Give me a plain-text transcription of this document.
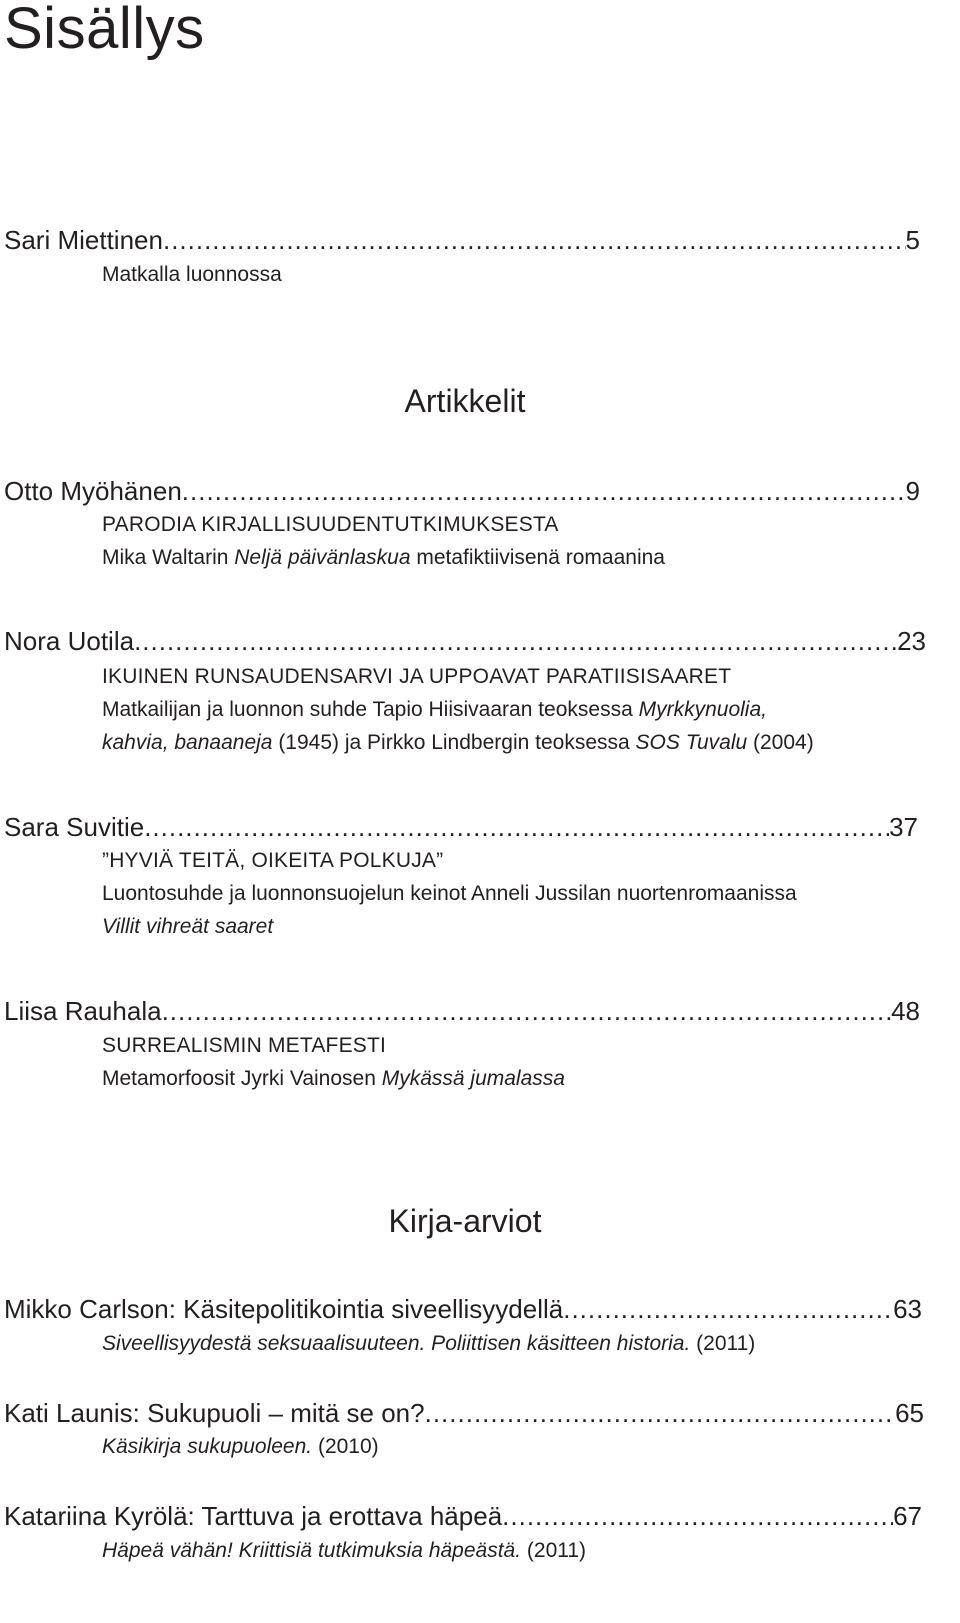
Sisällys
Sari Miettinen .....	5

Matkalla luonnossa

Artikkelit
Otto Myöhänen .....	9

PARODIA KIRJALLISUUDENTUTKIMUKSESTA

Mika Waltarin Neljä päivänlaskua metafiktiivisenä romaanina

Nora Uotila .....	23

IKUINEN RUNSAUDENSARVI JA UPPOAVAT PARATIISISAARET

Matkailijan ja luonnon suhde Tapio Hiisivaaran teoksessa Myrkkynuolia,

kahvia, banaaneja (1945) ja Pirkko Lindbergin teoksessa SOS Tuvalu (2004)

Sara Suvitie .....	37

”HYVIÄ TEITÄ, OIKEITA POLKUJA”

Luontosuhde ja luonnonsuojelun keinot Anneli Jussilan nuortenromaanissa

Villit vihreät saaret

Liisa Rauhala .....	48

SURREALISMIN METAFESTI

Metamorfoosit Jyrki Vainosen Mykässä jumalassa

Kirja-arviot
Mikko Carlson: Käsitepolitikointia siveellisyydellä .....	63

Siveellisyydestä seksuaalisuuteen. Poliittisen käsitteen historia. (2011)

Kati Launis: Sukupuoli – mitä se on? .....	65

Käsikirja sukupuoleen. (2010)

Katariina Kyrölä: Tarttuva ja erottava häpeä .....	67

Häpeä vähän! Kriittisiä tutkimuksia häpeästä. (2011)
